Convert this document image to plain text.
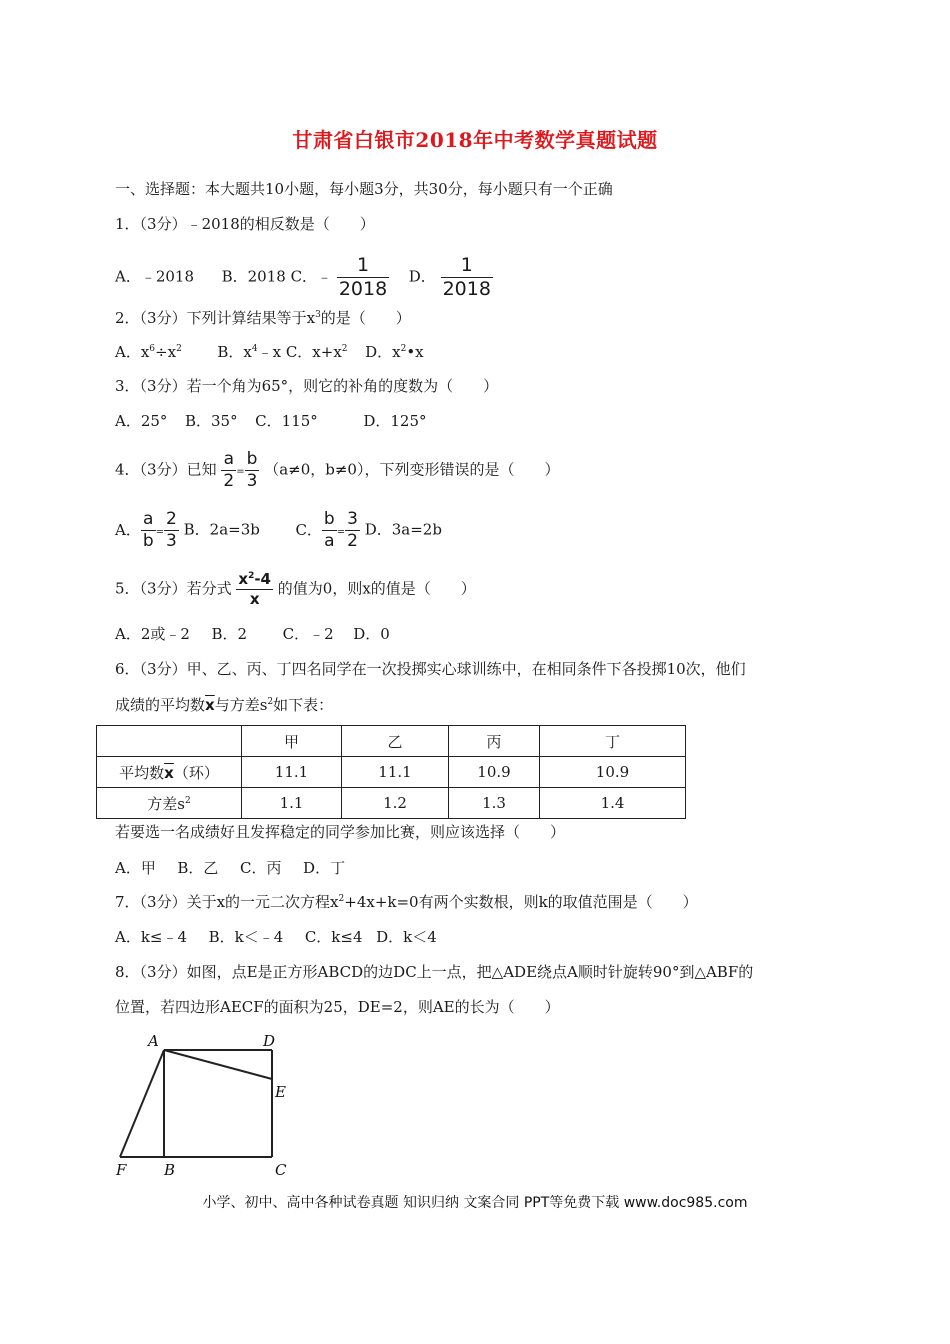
甘肃省白银市2018年中考数学真题试题
一、选择题：本大题共10小题，每小题3分，共30分，每小题只有一个正确
1．（3分）﹣2018的相反数是（　　）
A．﹣2018 B．2018 C．﹣ $\frac{1}{2018}$ D． $\frac{1}{2018}$
2．（3分）下列计算结果等于$x^3$的是（　　）
A．$x^6\div x^2$ B．$x^4﹣x$ C．$x+x^2$ D．$x^2•x$
3．（3分）若一个角为65°，则它的补角的度数为（　　）
A．25° B．35° C．115°	D．125°
4．（3分）已知 $\frac{a}{2} = \frac{b}{3} (a\ne 0$，b≠0），下列变形错误的是（　　）
A． $\frac{a}{b} = \frac{2}{3}$ B．2a=3b C． $\frac{b}{a} = \frac{3}{2}$ D．3a=2b
5．（3分）若分式 $\frac{x^2-4}{x}$ 的值为0，则x的值是（　　）
A．2或﹣2 B．2 C．﹣2 D．0
6．（3分）甲、乙、丙、丁四名同学在一次投掷实心球训练中，在相同条件下各投掷10次，他们
成绩的平均数$\overline{x}$与方差$s^2$如下表：
	甲	乙	丙	丁
平均数$\overline{x}$（环）	11.1	11.1	10.9	10.9
方差$s^2$	1.1	1.2	1.3	1.4
若要选一名成绩好且发挥稳定的同学参加比赛，则应该选择（　　）
A．甲 B．乙 C．丙 D．丁
7．（3分）关于x的一元二次方程$x^2+4x+k=0$有两个实数根，则k的取值范围是（　　）
A．k≤﹣4 B．k＜﹣4 C．k≤4 D．k＜4
8．（3分）如图，点E是正方形ABCD的边DC上一点，把△ADE绕点A顺时针旋转90°到△ABF的
位置，若四边形AECF的面积为25，DE=2，则AE的长为（　　）
A	D
E
F	B	C
小学、初中、高中各种试卷真题 知识归纳 文案合同 PPT等免费下载 www.doc985.com
